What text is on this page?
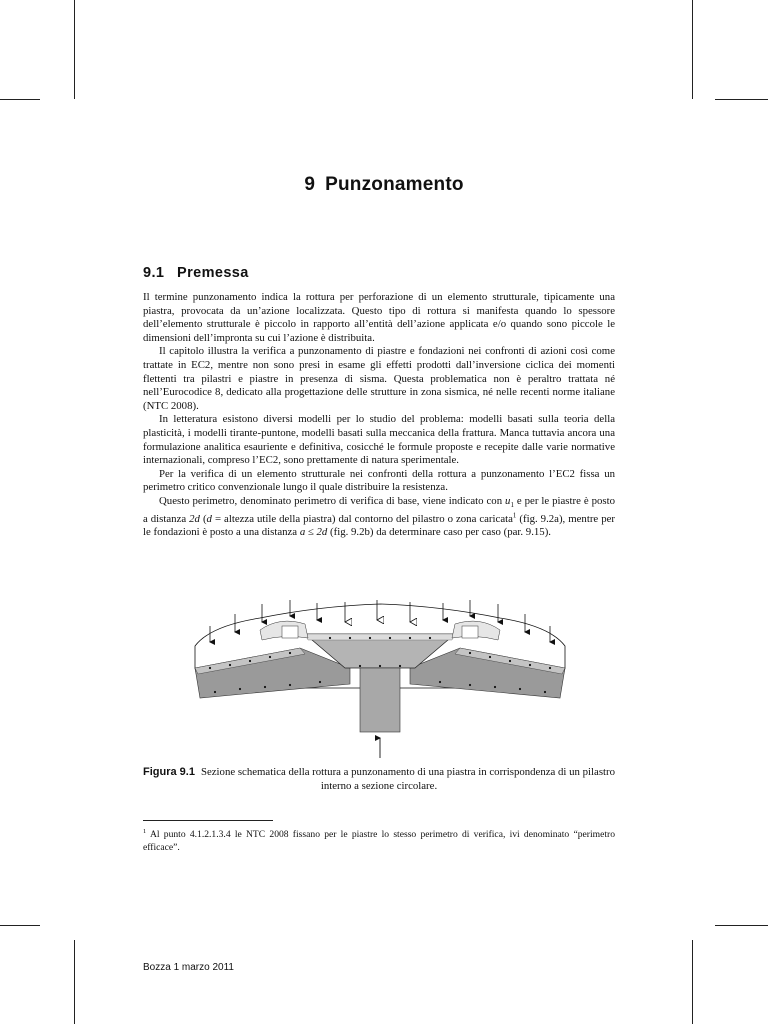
9 Punzonamento
9.1 Premessa

Il termine punzonamento indica la rottura per perforazione di un elemento strutturale, tipicamente una piastra, provocata da un’azione localizzata. Questo tipo di rottura si manifesta quando lo spessore dell’elemento strutturale è piccolo in rapporto all’entità dell’azione applicata e/o quando sono piccole le dimensioni dell’impronta su cui l’azione è distribuita.

Il capitolo illustra la verifica a punzonamento di piastre e fondazioni nei confronti di azioni così come trattate in EC2, mentre non sono presi in esame gli effetti prodotti dall’inversione ciclica dei momenti flettenti tra pilastri e piastre in presenza di sisma. Questa problematica non è peraltro trattata né nell’Eurocodice 8, dedicato alla progettazione delle strutture in zona sismica, né nelle recenti norme italiane (NTC 2008).

In letteratura esistono diversi modelli per lo studio del problema: modelli basati sulla teoria della plasticità, i modelli tirante-puntone, modelli basati sulla meccanica della frattura. Manca tuttavia ancora una formulazione analitica esauriente e definitiva, cosicché le formule proposte e recepite dalle varie normative internazionali, compreso l’EC2, sono prettamente di natura sperimentale.

Per la verifica di un elemento strutturale nei confronti della rottura a punzonamento l’EC2 fissa un perimetro critico convenzionale lungo il quale distribuire la resistenza.

Questo perimetro, denominato perimetro di verifica di base, viene indicato con $u_1$ e per le piastre è posto a distanza 2d (d = altezza utile della piastra) dal contorno del pilastro o zona caricata$^1$ (fig. 9.2a), mentre per le fondazioni è posto a una distanza a ≤ 2d (fig. 9.2b) da determinare caso per caso (par. 9.15).

Figura 9.1 Sezione schematica della rottura a punzonamento di una piastra in corrispondenza di un pilastro interno a sezione circolare.
$^1$ Al punto 4.1.2.1.3.4 le NTC 2008 fissano per le piastre lo stesso perimetro di verifica, ivi denominato “perimetro efficace”.
Bozza 1 marzo 2011
